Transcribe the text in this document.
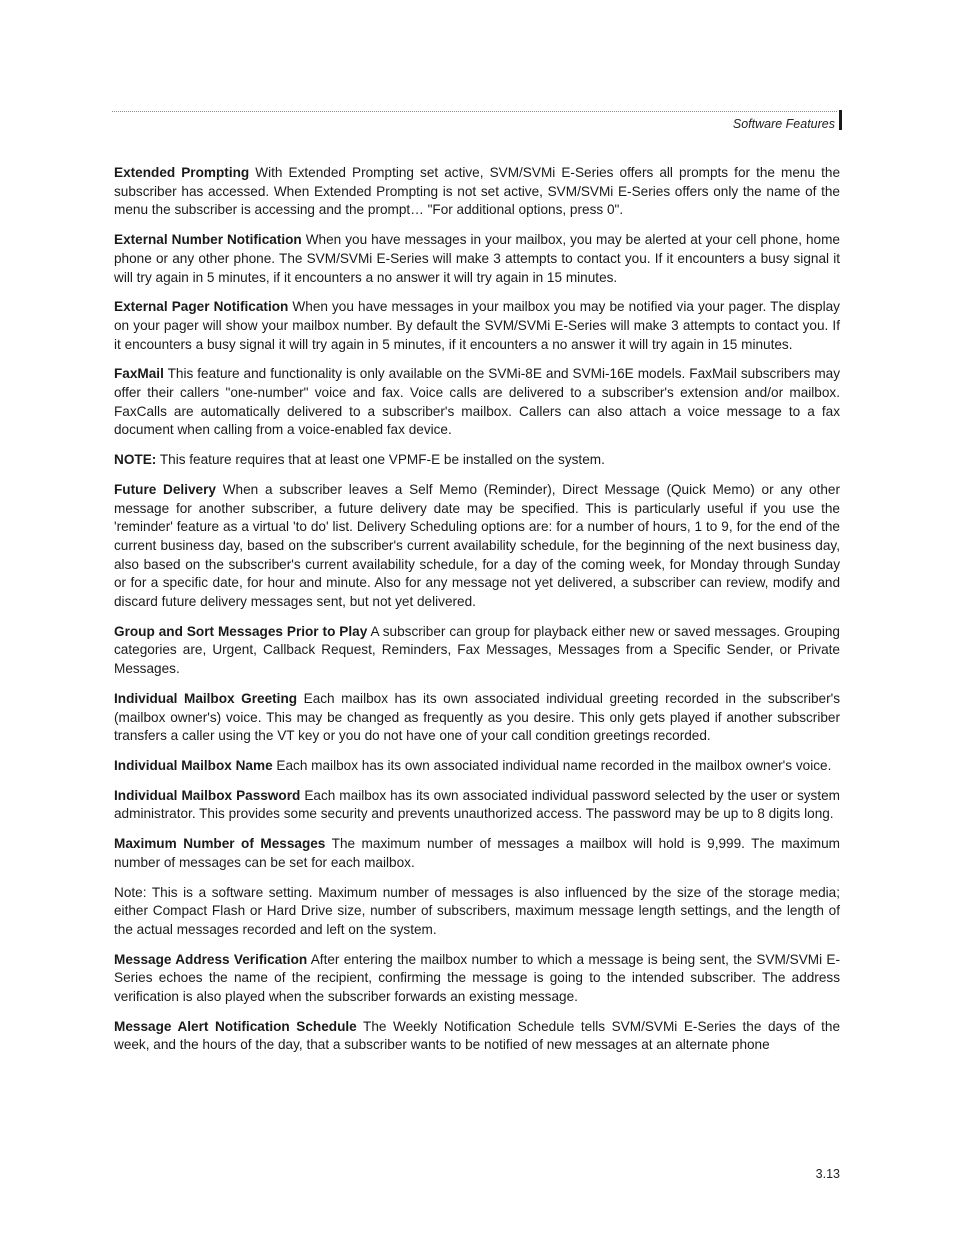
Software Features

Extended Prompting With Extended Prompting set active, SVM/SVMi E-Series offers all prompts for the menu the subscriber has accessed. When Extended Prompting is not set active, SVM/SVMi E-Series offers only the name of the menu the subscriber is accessing and the prompt… "For additional options, press 0".

External Number Notification When you have messages in your mailbox, you may be alerted at your cell phone, home phone or any other phone. The SVM/SVMi E-Series will make 3 attempts to contact you. If it encounters a busy signal it will try again in 5 minutes, if it encounters a no answer it will try again in 15 minutes.

External Pager Notification When you have messages in your mailbox you may be notified via your pager. The display on your pager will show your mailbox number. By default the SVM/SVMi E-Series will make 3 attempts to contact you. If it encounters a busy signal it will try again in 5 minutes, if it encounters a no answer it will try again in 15 minutes.

FaxMail This feature and functionality is only available on the SVMi-8E and SVMi-16E models. FaxMail subscribers may offer their callers "one-number" voice and fax. Voice calls are delivered to a subscriber's extension and/or mailbox. FaxCalls are automatically delivered to a subscriber's mailbox. Callers can also attach a voice message to a fax document when calling from a voice-enabled fax device.

NOTE: This feature requires that at least one VPMF-E be installed on the system.

Future Delivery When a subscriber leaves a Self Memo (Reminder), Direct Message (Quick Memo) or any other message for another subscriber, a future delivery date may be specified. This is particularly useful if you use the 'reminder' feature as a virtual 'to do' list. Delivery Scheduling options are: for a number of hours, 1 to 9, for the end of the current business day, based on the subscriber's current availability schedule, for the beginning of the next business day, also based on the subscriber's current availability schedule, for a day of the coming week, for Monday through Sunday or for a specific date, for hour and minute. Also for any message not yet delivered, a subscriber can review, modify and discard future delivery messages sent, but not yet delivered.

Group and Sort Messages Prior to Play A subscriber can group for playback either new or saved messages. Grouping categories are, Urgent, Callback Request, Reminders, Fax Messages, Messages from a Specific Sender, or Private Messages.

Individual Mailbox Greeting Each mailbox has its own associated individual greeting recorded in the subscriber's (mailbox owner's) voice. This may be changed as frequently as you desire. This only gets played if another subscriber transfers a caller using the VT key or you do not have one of your call condition greetings recorded.

Individual Mailbox Name Each mailbox has its own associated individual name recorded in the mailbox owner's voice.

Individual Mailbox Password Each mailbox has its own associated individual password selected by the user or system administrator. This provides some security and prevents unauthorized access. The password may be up to 8 digits long.

Maximum Number of Messages The maximum number of messages a mailbox will hold is 9,999. The maximum number of messages can be set for each mailbox.

Note: This is a software setting. Maximum number of messages is also influenced by the size of the storage media; either Compact Flash or Hard Drive size, number of subscribers, maximum message length settings, and the length of the actual messages recorded and left on the system.

Message Address Verification After entering the mailbox number to which a message is being sent, the SVM/SVMi E-Series echoes the name of the recipient, confirming the message is going to the intended subscriber. The address verification is also played when the subscriber forwards an existing message.

Message Alert Notification Schedule The Weekly Notification Schedule tells SVM/SVMi E-Series the days of the week, and the hours of the day, that a subscriber wants to be notified of new messages at an alternate phone

3.13
